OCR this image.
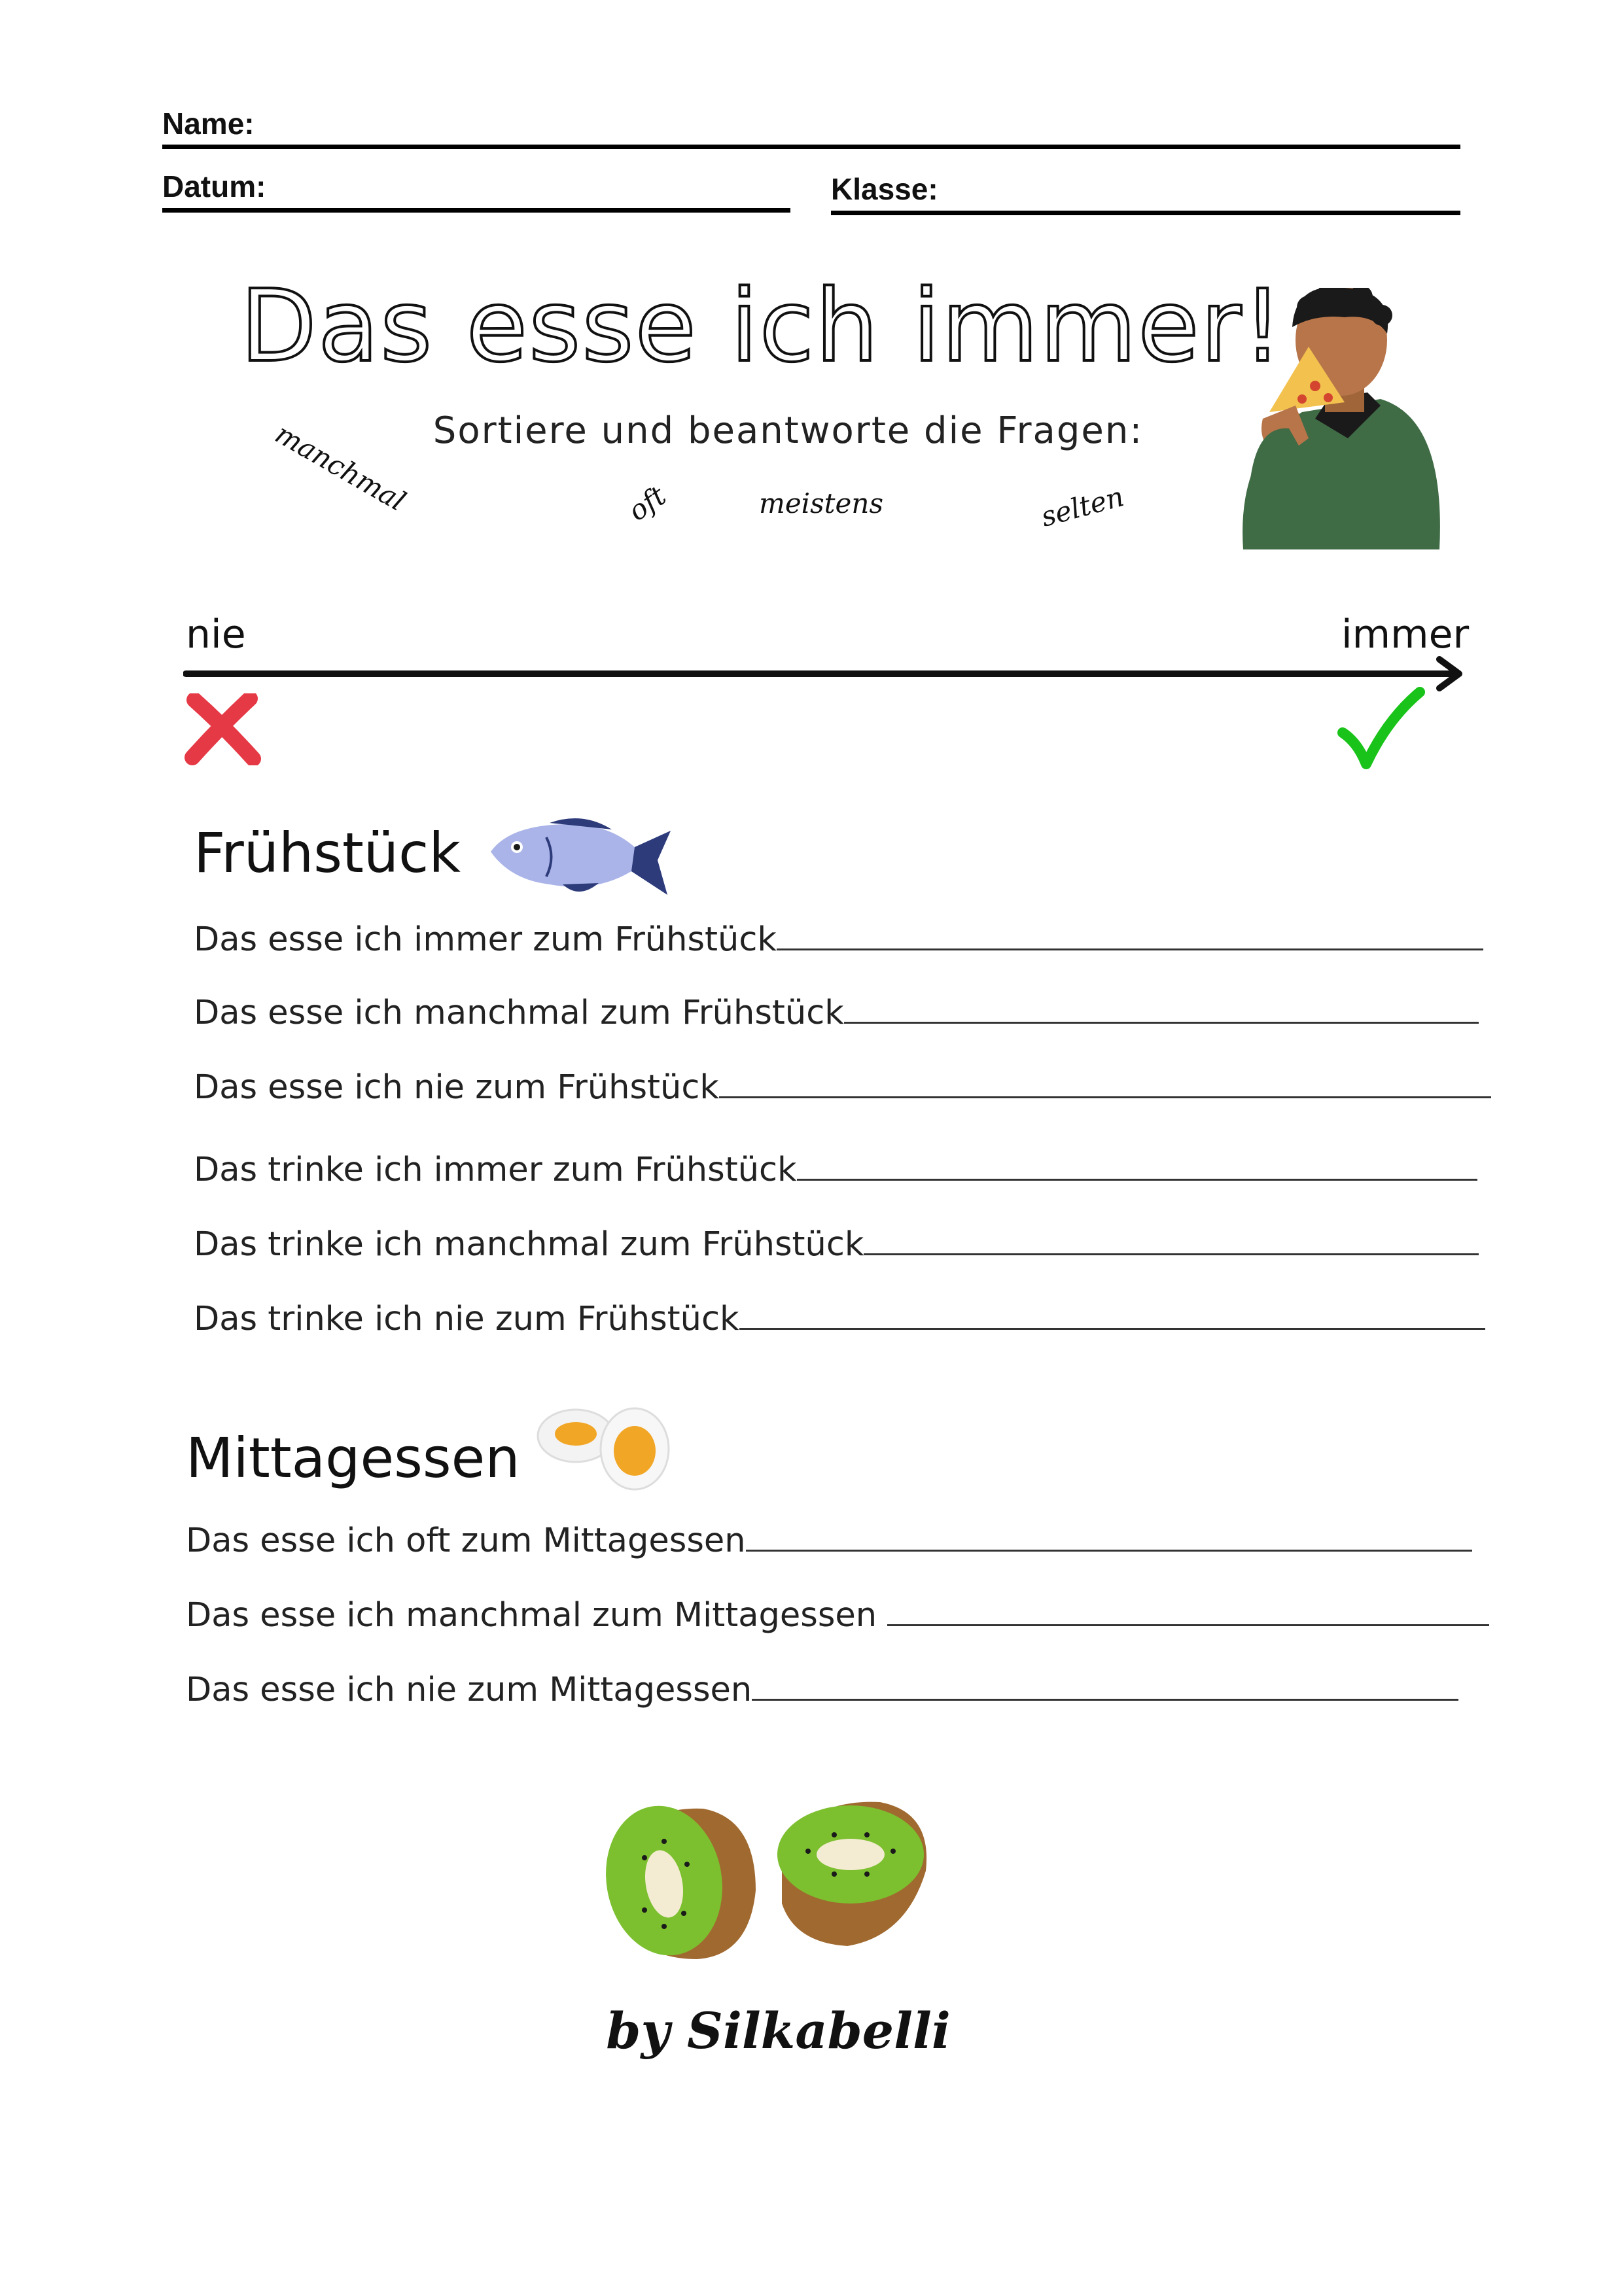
Name:
Datum:	Klasse:
Das esse ich immer!
Sortiere und beantworte die Fragen:
manchmal	oft	meistens	selten
nie	immer
Frühstück
Das esse ich immer zum Frühstück
Das esse ich manchmal zum Frühstück
Das esse ich nie zum Frühstück
Das trinke ich immer zum Frühstück
Das trinke ich manchmal zum Frühstück
Das trinke ich nie zum Frühstück
Mittagessen
Das esse ich oft zum Mittagessen
Das esse ich manchmal zum Mittagessen
Das esse ich nie zum Mittagessen
by Silkabelli
